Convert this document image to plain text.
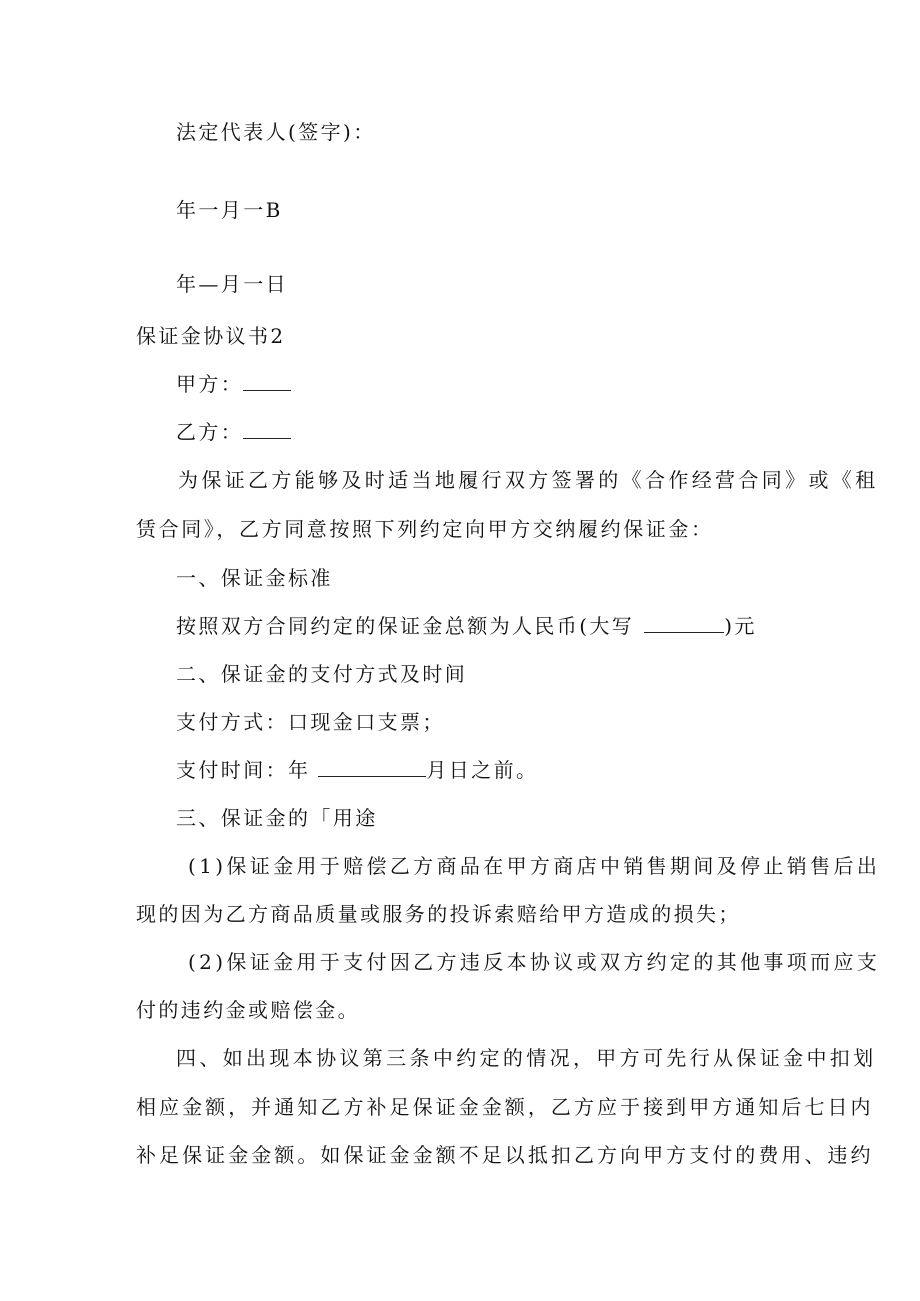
法定代表人(签字)：
年一月一B
年—月一日
保证金协议书2
甲方：
乙方：
为保证乙方能够及时适当地履行双方签署的《合作经营合同》或《租
赁合同》，乙方同意按照下列约定向甲方交纳履约保证金：
一、保证金标准
按照双方合同约定的保证金总额为人民币(大写	)元
二、保证金的支付方式及时间
支付方式：口现金口支票；
支付时间：年	月日之前。
三、保证金的「用途
(1)保证金用于赔偿乙方商品在甲方商店中销售期间及停止销售后出
现的因为乙方商品质量或服务的投诉索赔给甲方造成的损失；
(2)保证金用于支付因乙方违反本协议或双方约定的其他事项而应支
付的违约金或赔偿金。
四、如出现本协议第三条中约定的情况，甲方可先行从保证金中扣划
相应金额，并通知乙方补足保证金金额，乙方应于接到甲方通知后七日内
补足保证金金额。如保证金金额不足以抵扣乙方向甲方支付的费用、违约
